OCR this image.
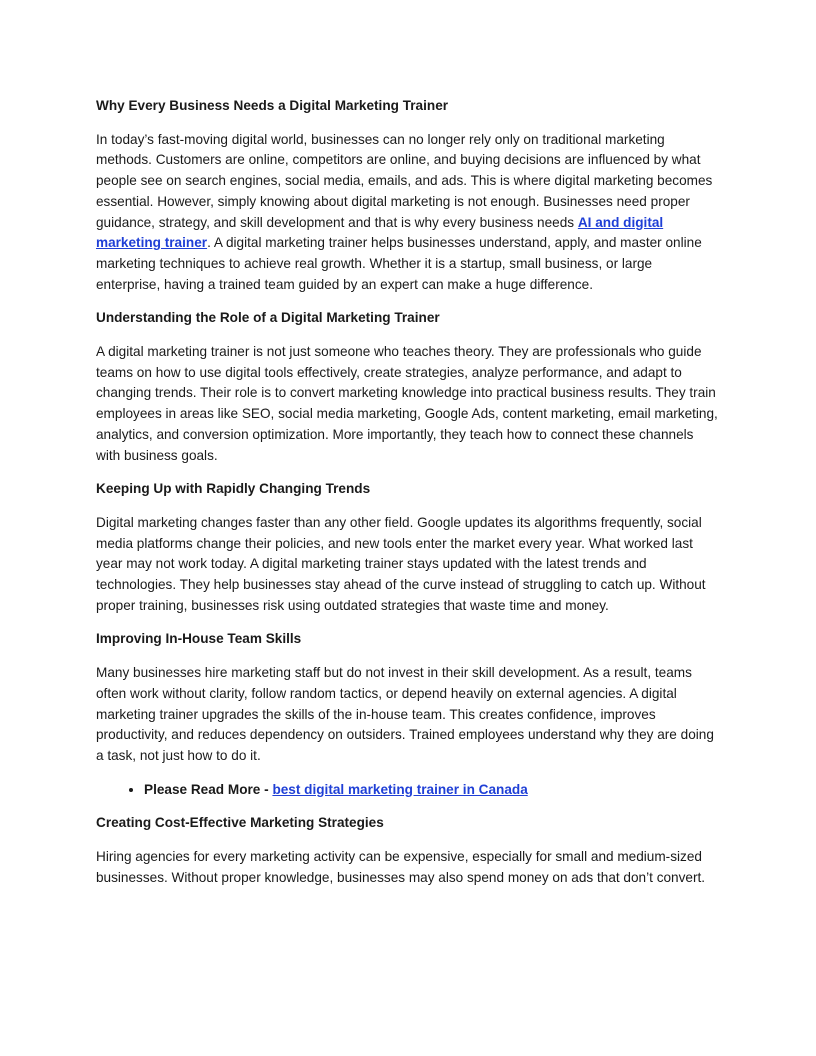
Why Every Business Needs a Digital Marketing Trainer

In today’s fast-moving digital world, businesses can no longer rely only on traditional marketing methods. Customers are online, competitors are online, and buying decisions are influenced by what people see on search engines, social media, emails, and ads. This is where digital marketing becomes essential. However, simply knowing about digital marketing is not enough. Businesses need proper guidance, strategy, and skill development and that is why every business needs AI and digital marketing trainer. A digital marketing trainer helps businesses understand, apply, and master online marketing techniques to achieve real growth. Whether it is a startup, small business, or large enterprise, having a trained team guided by an expert can make a huge difference.

Understanding the Role of a Digital Marketing Trainer

A digital marketing trainer is not just someone who teaches theory. They are professionals who guide teams on how to use digital tools effectively, create strategies, analyze performance, and adapt to changing trends. Their role is to convert marketing knowledge into practical business results. They train employees in areas like SEO, social media marketing, Google Ads, content marketing, email marketing, analytics, and conversion optimization. More importantly, they teach how to connect these channels with business goals.

Keeping Up with Rapidly Changing Trends

Digital marketing changes faster than any other field. Google updates its algorithms frequently, social media platforms change their policies, and new tools enter the market every year. What worked last year may not work today. A digital marketing trainer stays updated with the latest trends and technologies. They help businesses stay ahead of the curve instead of struggling to catch up. Without proper training, businesses risk using outdated strategies that waste time and money.

Improving In-House Team Skills

Many businesses hire marketing staff but do not invest in their skill development. As a result, teams often work without clarity, follow random tactics, or depend heavily on external agencies. A digital marketing trainer upgrades the skills of the in-house team. This creates confidence, improves productivity, and reduces dependency on outsiders. Trained employees understand why they are doing a task, not just how to do it.

• Please Read More - best digital marketing trainer in Canada
Creating Cost-Effective Marketing Strategies

Hiring agencies for every marketing activity can be expensive, especially for small and medium-sized businesses. Without proper knowledge, businesses may also spend money on ads that don’t convert.
